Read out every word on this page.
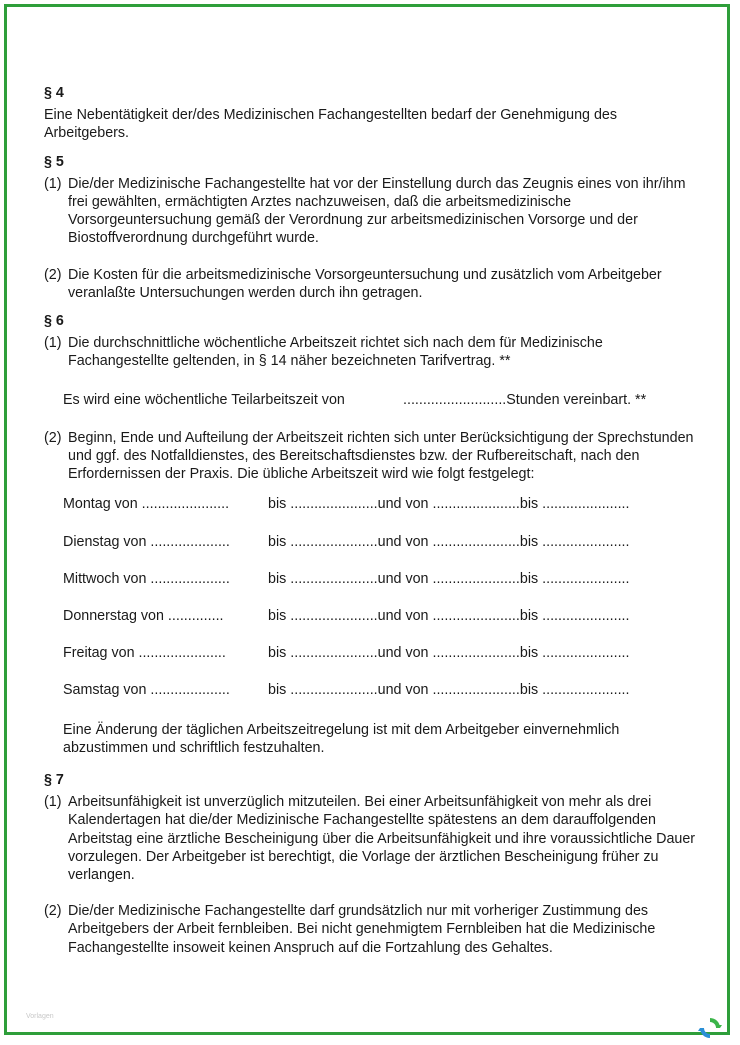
§ 4

Eine Nebentätigkeit der/des Medizinischen Fachangestellten bedarf der Genehmigung des Arbeitgebers.

§ 5
(1) Die/der Medizinische Fachangestellte hat vor der Einstellung durch das Zeugnis eines von ihr/ihm frei gewählten, ermächtigten Arztes nachzuweisen, daß die arbeitsmedizinische Vorsorgeuntersuchung gemäß der Verordnung zur arbeitsmedizinischen Vorsorge und der Biostoffverordnung durchgeführt wurde.
(2) Die Kosten für die arbeitsmedizinische Vorsorgeuntersuchung und zusätzlich vom Arbeitgeber veranlaßte Untersuchungen werden durch ihn getragen.
§ 6
(1) Die durchschnittliche wöchentliche Arbeitszeit richtet sich nach dem für Medizinische Fachangestellte geltenden, in § 14 näher bezeichneten Tarifvertrag. **
Es wird eine wöchentliche Teilarbeitszeit von	..........................Stunden vereinbart. **
(2) Beginn, Ende und Aufteilung der Arbeitszeit richten sich unter Berücksichtigung der Sprechstunden und ggf. des Notfalldienstes, des Bereitschaftsdienstes bzw. der Rufbereitschaft, nach den Erfordernissen der Praxis. Die übliche Arbeitszeit wird wie folgt festgelegt:
Montag von ......................	bis ......................und von ......................bis ......................
Dienstag von ....................	bis ......................und von ......................bis ......................
Mittwoch von ....................	bis ......................und von ......................bis ......................
Donnerstag von ..............	bis ......................und von ......................bis ......................
Freitag von ......................	bis ......................und von ......................bis ......................
Samstag von ....................	bis ......................und von ......................bis ......................

Eine Änderung der täglichen Arbeitszeitregelung ist mit dem Arbeitgeber einvernehmlich abzustimmen und schriftlich festzuhalten.

§ 7
(1) Arbeitsunfähigkeit ist unverzüglich mitzuteilen. Bei einer Arbeitsunfähigkeit von mehr als drei Kalendertagen hat die/der Medizinische Fachangestellte spätestens an dem darauffolgenden Arbeitstag eine ärztliche Bescheinigung über die Arbeitsunfähigkeit und ihre voraussichtliche Dauer vorzulegen. Der Arbeitgeber ist berechtigt, die Vorlage der ärztlichen Bescheinigung früher zu verlangen.
(2) Die/der Medizinische Fachangestellte darf grundsätzlich nur mit vorheriger Zustimmung des Arbeitgebers der Arbeit fernbleiben. Bei nicht genehmigtem Fernbleiben hat die Medizinische Fachangestellte insoweit keinen Anspruch auf die Fortzahlung des Gehaltes.
Vorlagen
